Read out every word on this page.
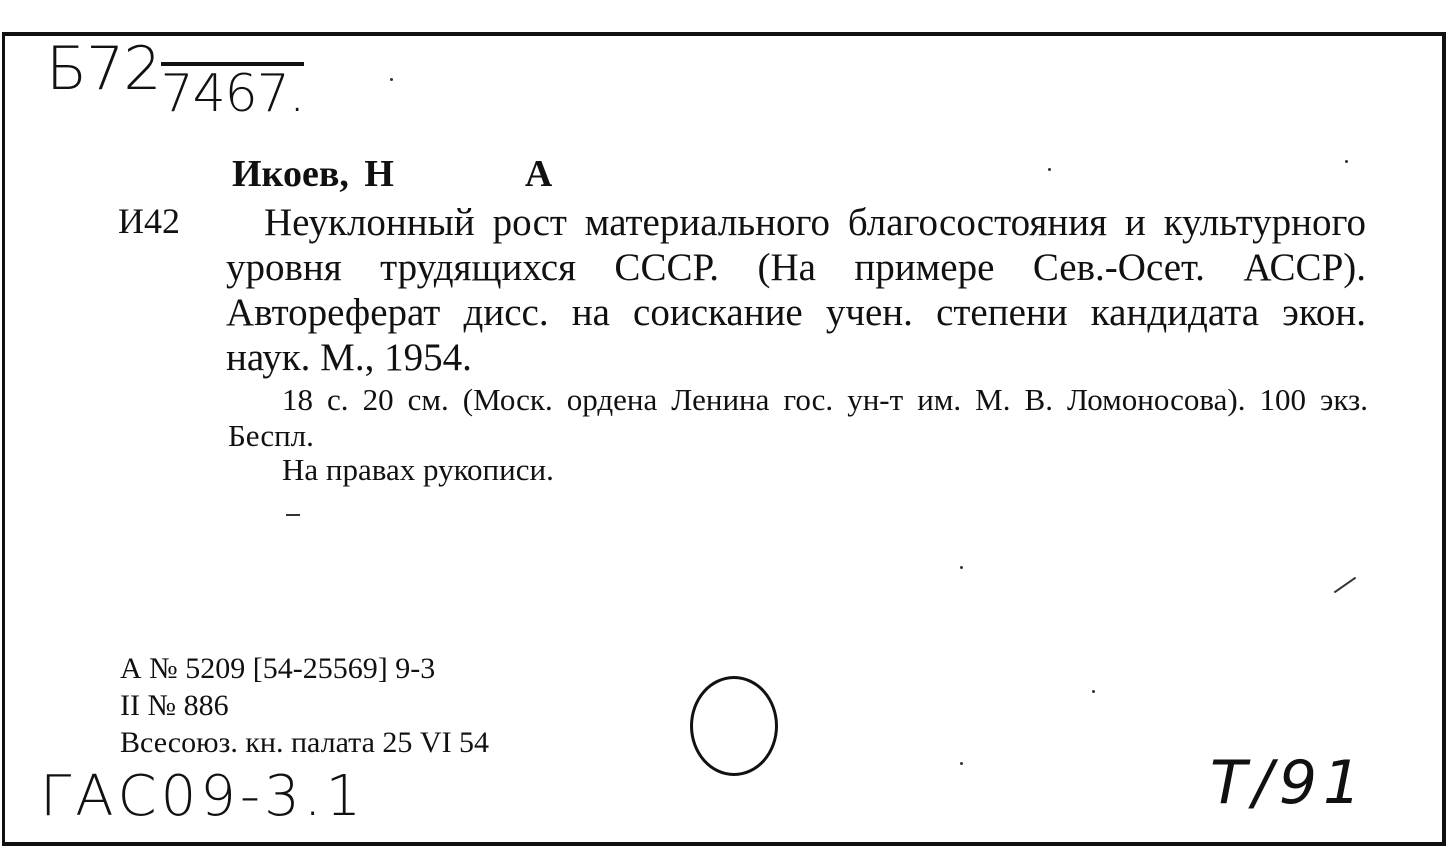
Б727467.
Икоев, Н	А
И42	Неуклонный рост материального благосостояния и культурного уровня трудящихся СССР. (На примере Сев.-Осет. АССР). Автореферат дисс. на соискание учен. степени кандидата экон. наук. М., 1954.
18 с. 20 см. (Моск. ордена Ленина гос. ун-т им. М. В. Ломоносова). 100 экз. Беспл.
На правах рукописи.
А № 5209 [54-25569] 9-3
II № 886
Всесоюз. кн. палата 25 VI 54
ГАС09-3.1	Т/91
